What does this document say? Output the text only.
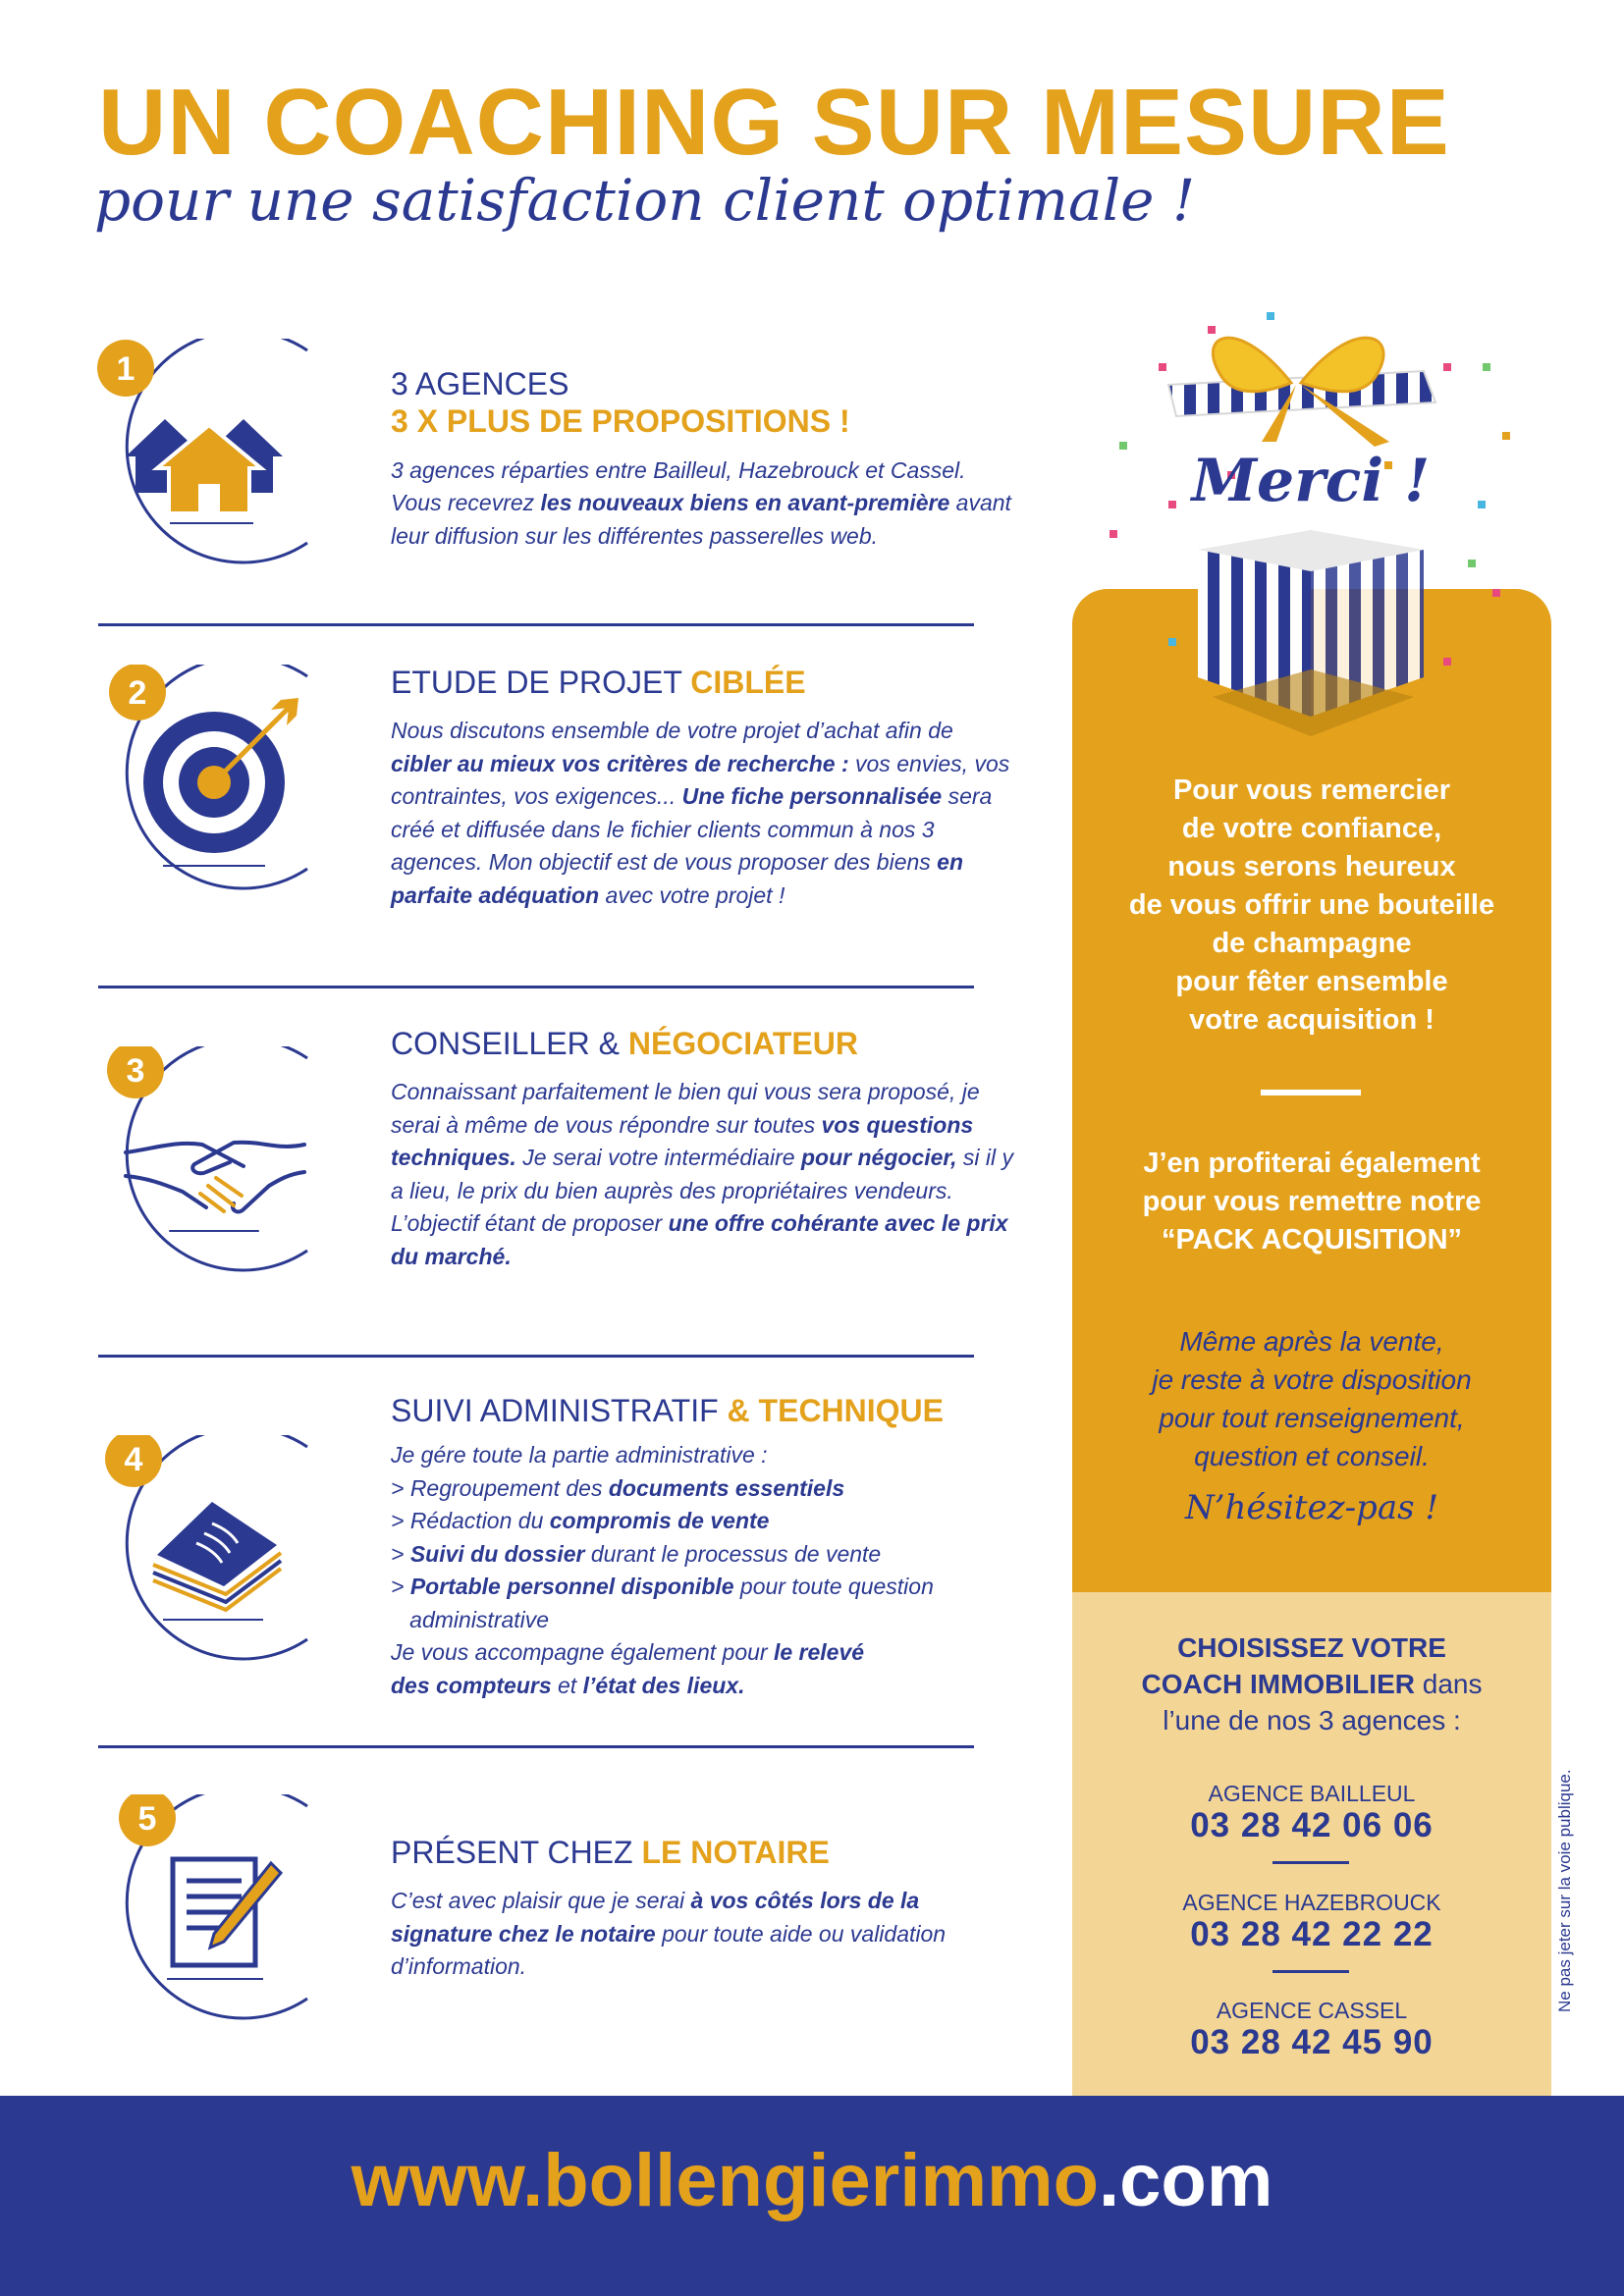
UN COACHING SUR MESURE
pour une satisfaction client optimale !
1
2
3
4
5
3 AGENCES
3 X PLUS DE PROPOSITIONS !
3 agences réparties entre Bailleul, Hazebrouck et Cassel. Vous recevrez les nouveaux biens en avant-première avant leur diffusion sur les différentes passerelles web.
ETUDE DE PROJET CIBLÉE
Nous discutons ensemble de votre projet d’achat afin de cibler au mieux vos critères de recherche : vos envies, vos contraintes, vos exigences... Une fiche personnalisée sera créé et diffusée dans le fichier clients commun à nos 3 agences. Mon objectif est de vous proposer des biens en parfaite adéquation avec votre projet !
CONSEILLER & NÉGOCIATEUR
Connaissant parfaitement le bien qui vous sera proposé, je serai à même de vous répondre sur toutes vos questions techniques. Je serai votre intermédiaire pour négocier, si il y a lieu, le prix du bien auprès des propriétaires vendeurs. L’objectif étant de proposer une offre cohérante avec le prix du marché.
SUIVI ADMINISTRATIF & TECHNIQUE
Je gére toute la partie administrative :
> Regroupement des documents essentiels
> Rédaction du compromis de vente
> Suivi du dossier durant le processus de vente
> Portable personnel disponible pour toute question
administrative
Je vous accompagne également pour le relevé
des compteurs et l’état des lieux.
PRÉSENT CHEZ LE NOTAIRE
C’est avec plaisir que je serai à vos côtés lors de la signature chez le notaire pour toute aide ou validation d’information.
Merci !
Pour vous remercier
de votre confiance,
nous serons heureux
de vous offrir une bouteille
de champagne
pour fêter ensemble
votre acquisition !
J’en profiterai également
pour vous remettre notre
“PACK ACQUISITION”
Même après la vente,
je reste à votre disposition
pour tout renseignement,
question et conseil.
N’hésitez-pas !
CHOISISSEZ VOTRE
COACH IMMOBILIER dans
l’une de nos 3 agences :
AGENCE BAILLEUL
03 28 42 06 06
AGENCE HAZEBROUCK
03 28 42 22 22
AGENCE CASSEL
03 28 42 45 90
Ne pas jeter sur la voie publique.
www.bollengierimmo.com
